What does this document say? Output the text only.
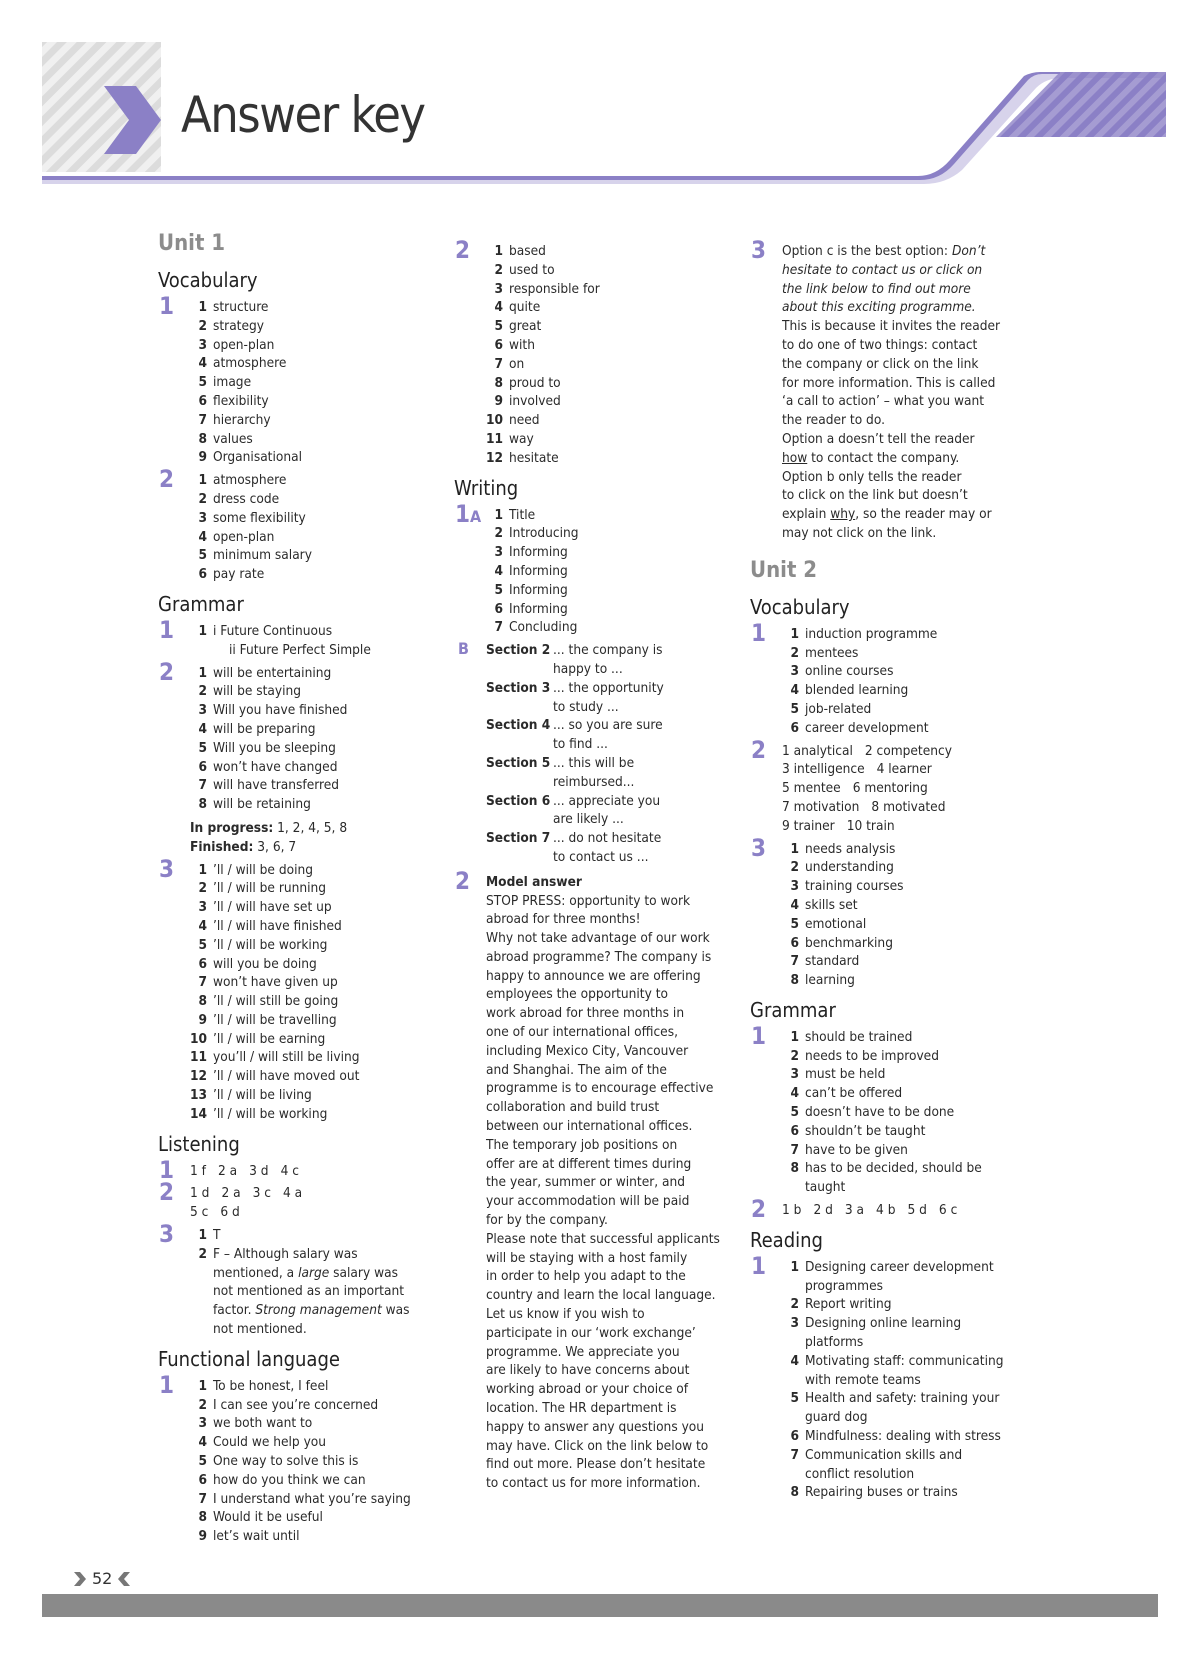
Answer key
Unit 1
Vocabulary
1	1 structure
2 strategy
3 open-plan
4 atmosphere
5 image
6 flexibility
7 hierarchy
8 values
9 Organisational
2	1 atmosphere
2 dress code
3 some flexibility
4 open-plan
5 minimum salary
6 pay rate
Grammar
1	1 i Future Continuous
ii Future Perfect Simple
2	1 will be entertaining
2 will be staying
3 Will you have finished
4 will be preparing
5 Will you be sleeping
6 won’t have changed
7 will have transferred
8 will be retaining
In progress: 1, 2, 4, 5, 8
Finished: 3, 6, 7
3	1 ’ll / will be doing
2 ’ll / will be running
3 ’ll / will have set up
4 ’ll / will have finished
5 ’ll / will be working
6 will you be doing
7 won’t have given up
8 ’ll / will still be going
9 ’ll / will be travelling
10 ’ll / will be earning
11 you’ll / will still be living
12 ’ll / will have moved out
13 ’ll / will be living
14 ’ll / will be working
Listening
1 1 f 2 a 3 d 4 c
2 1 d 2 a 3 c 4 a
5 c 6 d
3	1 T
2 F – Although salary was
mentioned, a large salary was
not mentioned as an important
factor. Strong management was
not mentioned.
Functional language
1	1 To be honest, I feel
2 I can see you’re concerned
3 we both want to
4 Could we help you
5 One way to solve this is
6 how do you think we can
7 I understand what you’re saying
8 Would it be useful
9 let’s wait until
2	1 based
2 used to
3 responsible for
4 quite
5 great
6 with
7 on
8 proud to
9 involved
10 need
11 way
12 hesitate
Writing
1A 1 Title
2 Introducing
3 Informing
4 Informing
5 Informing
6 Informing
7 Concluding
B Section 2 ... the company is
happy to ...
Section 3 ... the opportunity
to study ...
Section 4 ... so you are sure
to find ...
Section 5 ... this will be
reimbursed...
Section 6 ... appreciate you
are likely ...
Section 7 ... do not hesitate
to contact us ...
2 Model answer
STOP PRESS: opportunity to work
abroad for three months!
Why not take advantage of our work
abroad programme? The company is
happy to announce we are offering
employees the opportunity to
work abroad for three months in
one of our international offices,
including Mexico City, Vancouver
and Shanghai. The aim of the
programme is to encourage effective
collaboration and build trust
between our international offices.
The temporary job positions on
offer are at different times during
the year, summer or winter, and
your accommodation will be paid
for by the company.
Please note that successful applicants
will be staying with a host family
in order to help you adapt to the
country and learn the local language.
Let us know if you wish to
participate in our ‘work exchange’
programme. We appreciate you
are likely to have concerns about
working abroad or your choice of
location. The HR department is
happy to answer any questions you
may have. Click on the link below to
find out more. Please don’t hesitate
to contact us for more information.
3 Option c is the best option: Don’t
hesitate to contact us or click on
the link below to find out more
about this exciting programme.
This is because it invites the reader
to do one of two things: contact
the company or click on the link
for more information. This is called
‘a call to action’ – what you want
the reader to do.
Option a doesn’t tell the reader
how to contact the company.
Option b only tells the reader
to click on the link but doesn’t
explain why, so the reader may or
may not click on the link.
Unit 2
Vocabulary
1	1 induction programme
2 mentees
3 online courses
4 blended learning
5 job-related
6 career development
2 1 analytical 2 competency
3 intelligence 4 learner
5 mentee 6 mentoring
7 motivation 8 motivated
9 trainer 10 train
3	1 needs analysis
2 understanding
3 training courses
4 skills set
5 emotional
6 benchmarking
7 standard
8 learning
Grammar
1	1 should be trained
2 needs to be improved
3 must be held
4 can’t be offered
5 doesn’t have to be done
6 shouldn’t be taught
7 have to be given
8 has to be decided, should be
taught
2 1 b 2 d 3 a 4 b 5 d 6 c
Reading
1	1 Designing career development
programmes
2 Report writing
3 Designing online learning
platforms
4 Motivating staff: communicating
with remote teams
5 Health and safety: training your
guard dog
6 Mindfulness: dealing with stress
7 Communication skills and
conflict resolution
8 Repairing buses or trains
52
